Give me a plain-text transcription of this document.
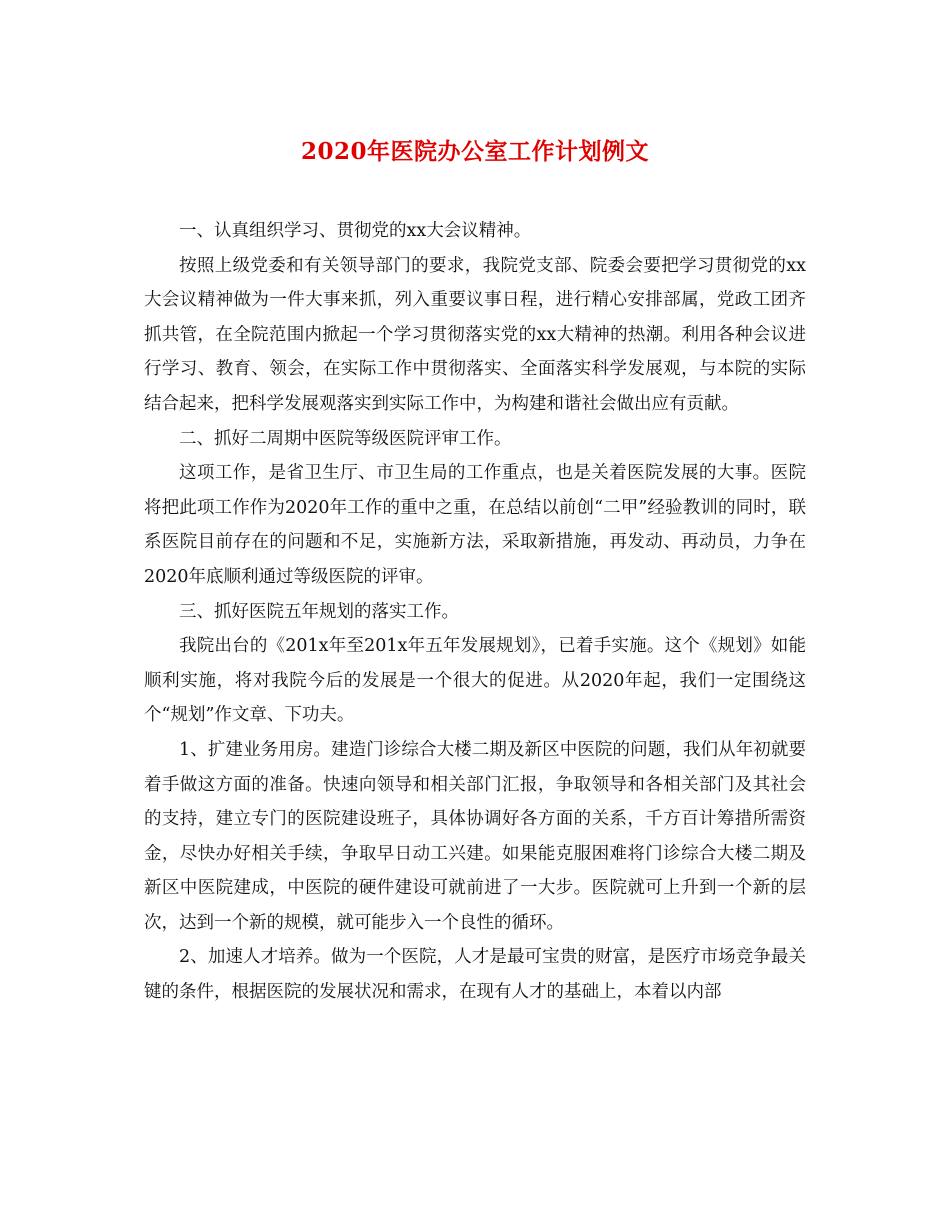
2020年医院办公室工作计划例文

一、认真组织学习、贯彻党的xx大会议精神。

按照上级党委和有关领导部门的要求，我院党支部、院委会要把学习贯彻党的xx大会议精神做为一件大事来抓，列入重要议事日程，进行精心安排部属，党政工团齐抓共管，在全院范围内掀起一个学习贯彻落实党的xx大精神的热潮。利用各种会议进行学习、教育、领会，在实际工作中贯彻落实、全面落实科学发展观，与本院的实际结合起来，把科学发展观落实到实际工作中，为构建和谐社会做出应有贡献。

二、抓好二周期中医院等级医院评审工作。

这项工作，是省卫生厅、市卫生局的工作重点，也是关着医院发展的大事。医院将把此项工作作为2020年工作的重中之重，在总结以前创“二甲”经验教训的同时，联系医院目前存在的问题和不足，实施新方法，采取新措施，再发动、再动员，力争在2020年底顺利通过等级医院的评审。

三、抓好医院五年规划的落实工作。

我院出台的《201x年至201x年五年发展规划》，已着手实施。这个《规划》如能顺利实施，将对我院今后的发展是一个很大的促进。从2020年起，我们一定围绕这个“规划”作文章、下功夫。

1、扩建业务用房。建造门诊综合大楼二期及新区中医院的问题，我们从年初就要着手做这方面的准备。快速向领导和相关部门汇报，争取领导和各相关部门及其社会的支持，建立专门的医院建设班子，具体协调好各方面的关系，千方百计筹措所需资金，尽快办好相关手续，争取早日动工兴建。如果能克服困难将门诊综合大楼二期及新区中医院建成，中医院的硬件建设可就前进了一大步。医院就可上升到一个新的层次，达到一个新的规模，就可能步入一个良性的循环。

2、加速人才培养。做为一个医院，人才是最可宝贵的财富，是医疗市场竞争最关键的条件，根据医院的发展状况和需求，在现有人才的基础上，本着以内部
